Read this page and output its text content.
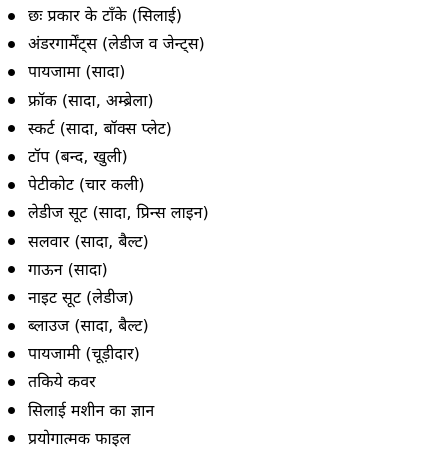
छः प्रकार के टाँके (सिलाई)
अंडरगार्मेंट्स (लेडीज व जेन्ट्स)
पायजामा (सादा)
फ्रॉक (सादा, अम्ब्रेला)
स्कर्ट (सादा, बॉक्स प्लेट)
टॉप (बन्द, खुली)
पेटीकोट (चार कली)
लेडीज सूट (सादा, प्रिन्स लाइन)
सलवार (सादा, बैल्ट)
गाऊन (सादा)
नाइट सूट (लेडीज)
ब्लाउज (सादा, बैल्ट)
पायजामी (चूड़ीदार)
तकिये कवर
सिलाई मशीन का ज्ञान
प्रयोगात्मक फाइल
